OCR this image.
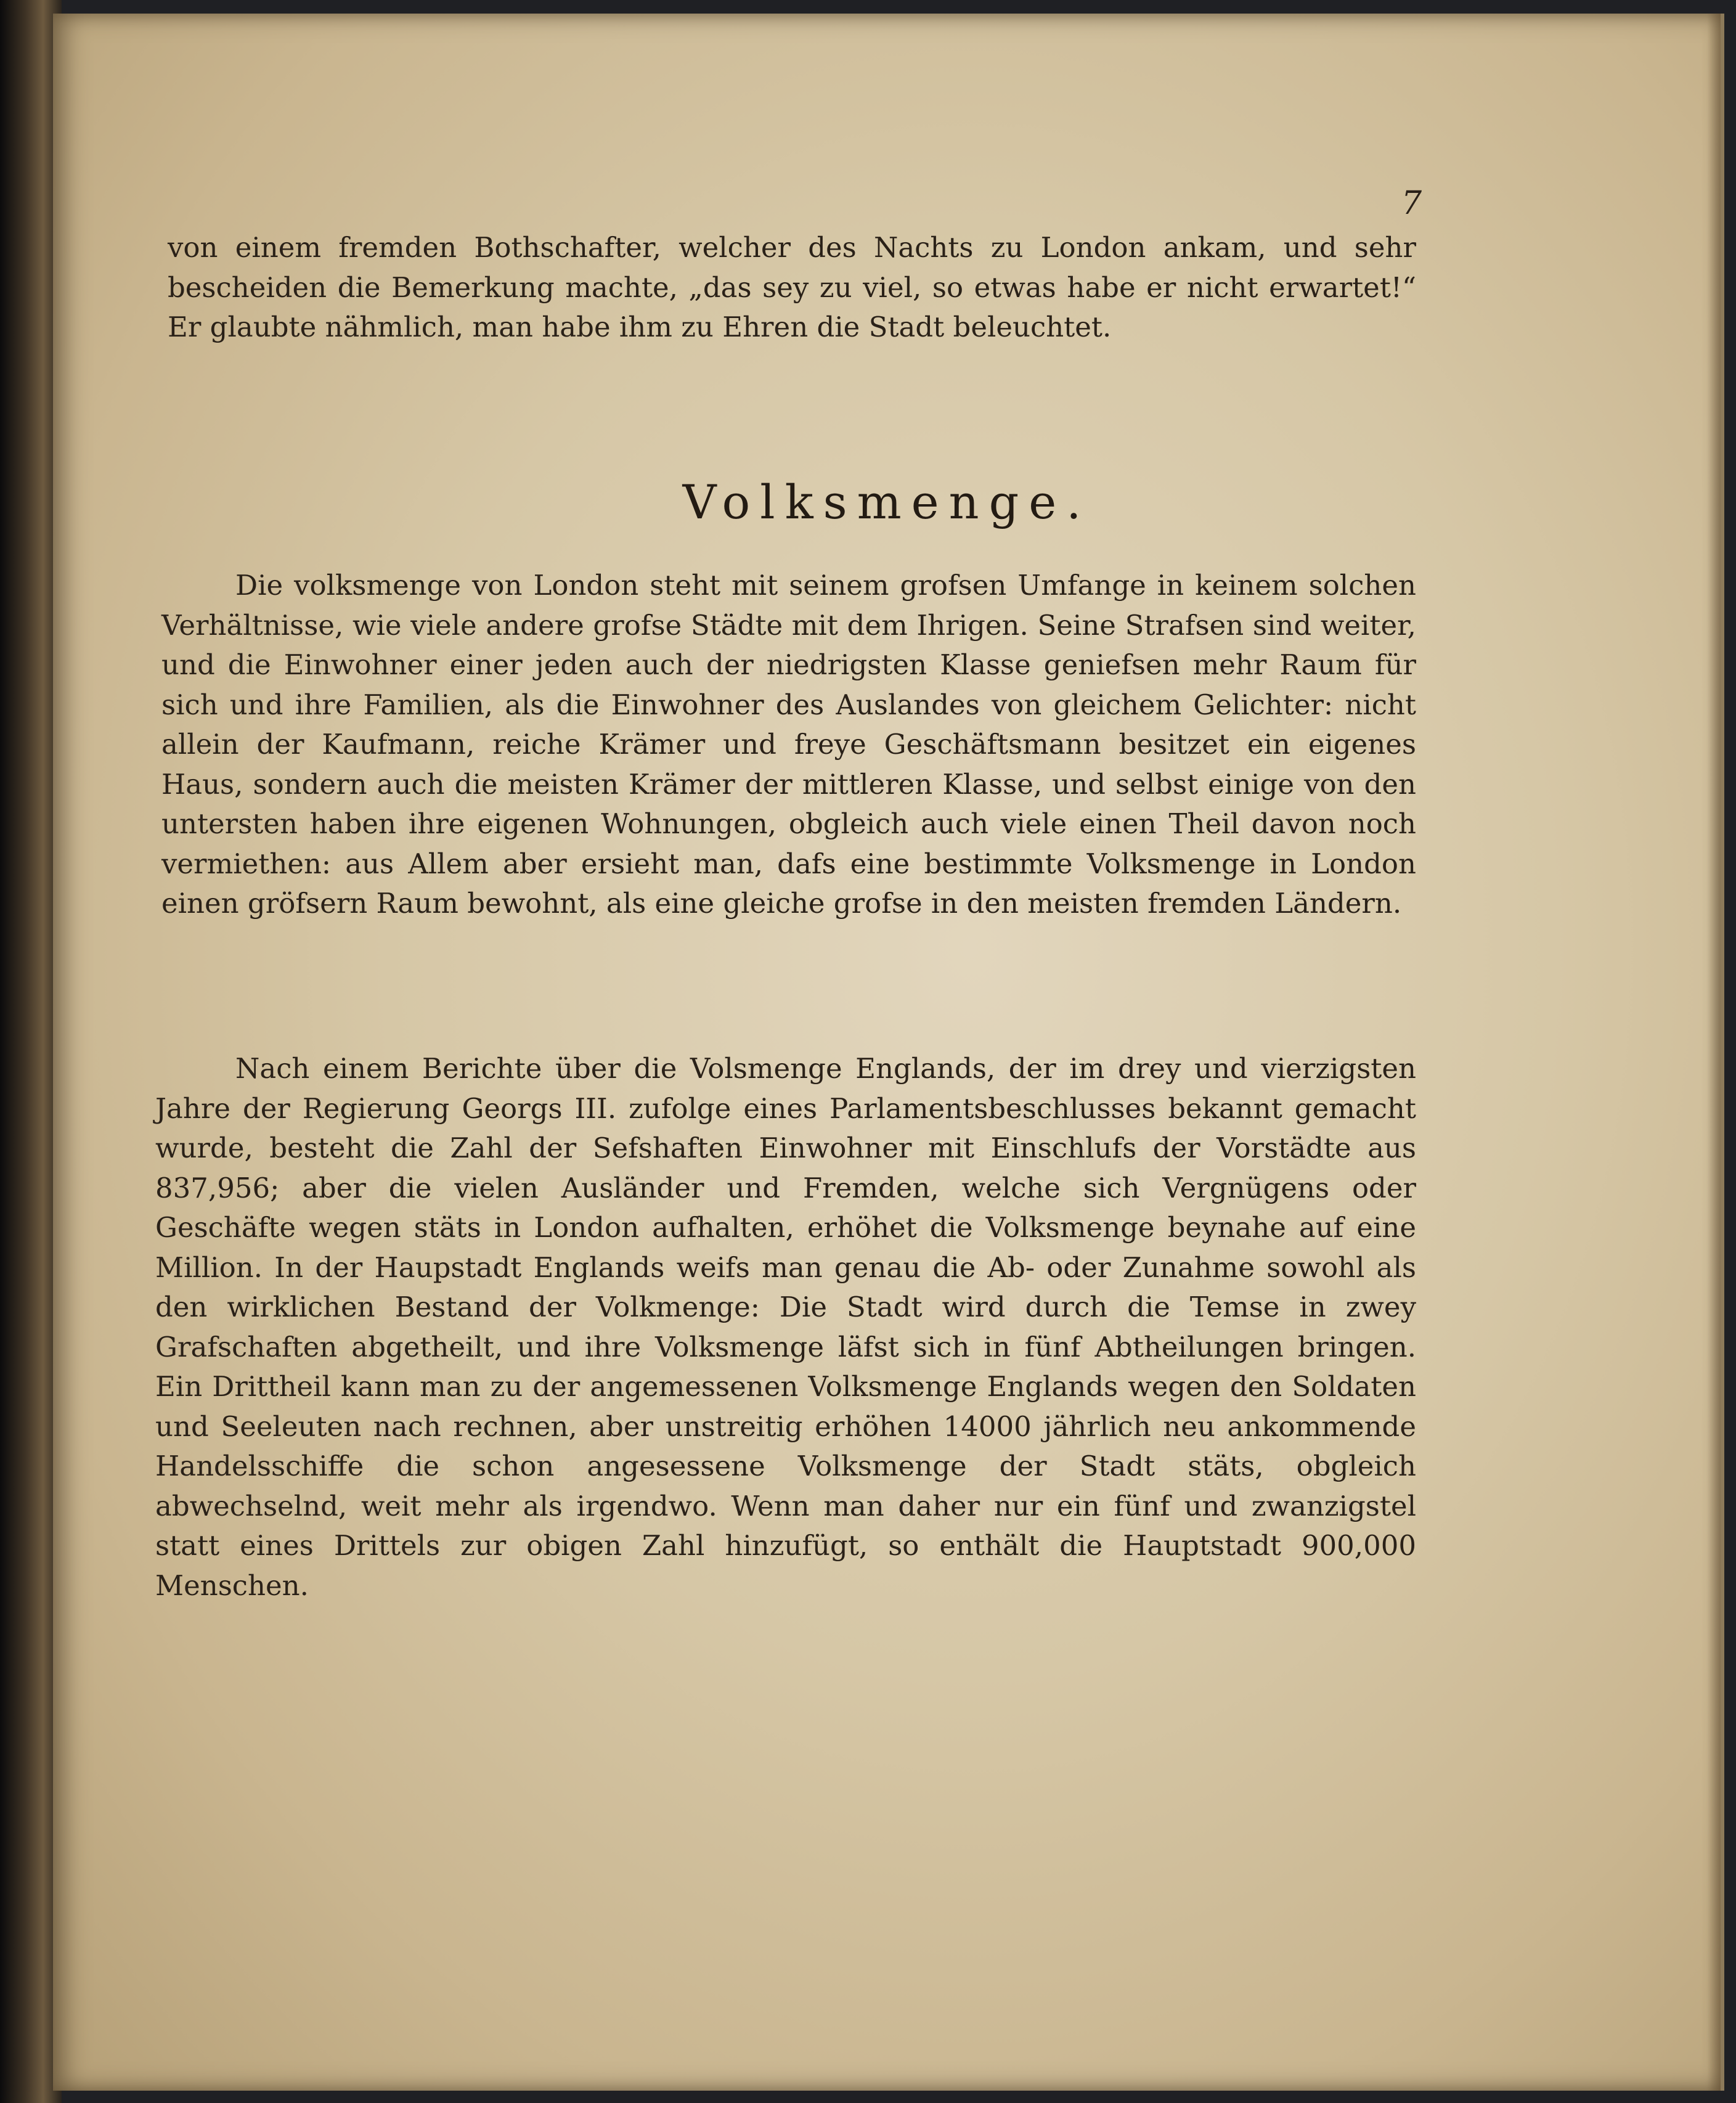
7

von einem fremden Bothschafter, welcher des Nachts zu London ankam, und sehr bescheiden die Bemerkung machte, „das sey zu viel, so etwas habe er nicht erwartet!“ Er glaubte nähmlich, man habe ihm zu Ehren die Stadt beleuchtet.

Volksmenge.

Die volksmenge von London steht mit seinem grofsen Umfange in keinem solchen Verhältnisse, wie viele andere grofse Städte mit dem Ihrigen. Seine Strafsen sind weiter, und die Einwohner einer jeden auch der niedrigsten Klasse geniefsen mehr Raum für sich und ihre Familien, als die Einwohner des Auslandes von gleichem Gelichter: nicht allein der Kaufmann, reiche Krämer und freye Geschäftsmann besitzet ein eigenes Haus, sondern auch die meisten Krämer der mittleren Klasse, und selbst einige von den untersten haben ihre eigenen Wohnungen, obgleich auch viele einen Theil davon noch vermiethen: aus Allem aber ersieht man, dafs eine bestimmte Volksmenge in London einen gröfsern Raum bewohnt, als eine gleiche grofse in den meisten fremden Ländern.

Nach einem Berichte über die Volsmenge Englands, der im drey und vierzigsten Jahre der Regierung Georgs III. zufolge eines Parlamentsbeschlusses bekannt gemacht wurde, besteht die Zahl der Sefshaften Einwohner mit Einschlufs der Vorstädte aus 837,956; aber die vielen Ausländer und Fremden, welche sich Vergnügens oder Geschäfte wegen stäts in London aufhalten, erhöhet die Volksmenge beynahe auf eine Million. In der Haupstadt Englands weifs man genau die Ab- oder Zunahme sowohl als den wirklichen Bestand der Volkmenge: Die Stadt wird durch die Temse in zwey Grafschaften abgetheilt, und ihre Volksmenge läfst sich in fünf Abtheilungen bringen. Ein Drittheil kann man zu der angemessenen Volksmenge Englands wegen den Soldaten und Seeleuten nach rechnen, aber unstreitig erhöhen 14000 jährlich neu ankommende Handelsschiffe die schon angesessene Volksmenge der Stadt stäts, obgleich abwechselnd, weit mehr als irgendwo. Wenn man daher nur ein fünf und zwanzigstel statt eines Drittels zur obigen Zahl hinzufügt, so enthält die Hauptstadt 900,000 Menschen.
